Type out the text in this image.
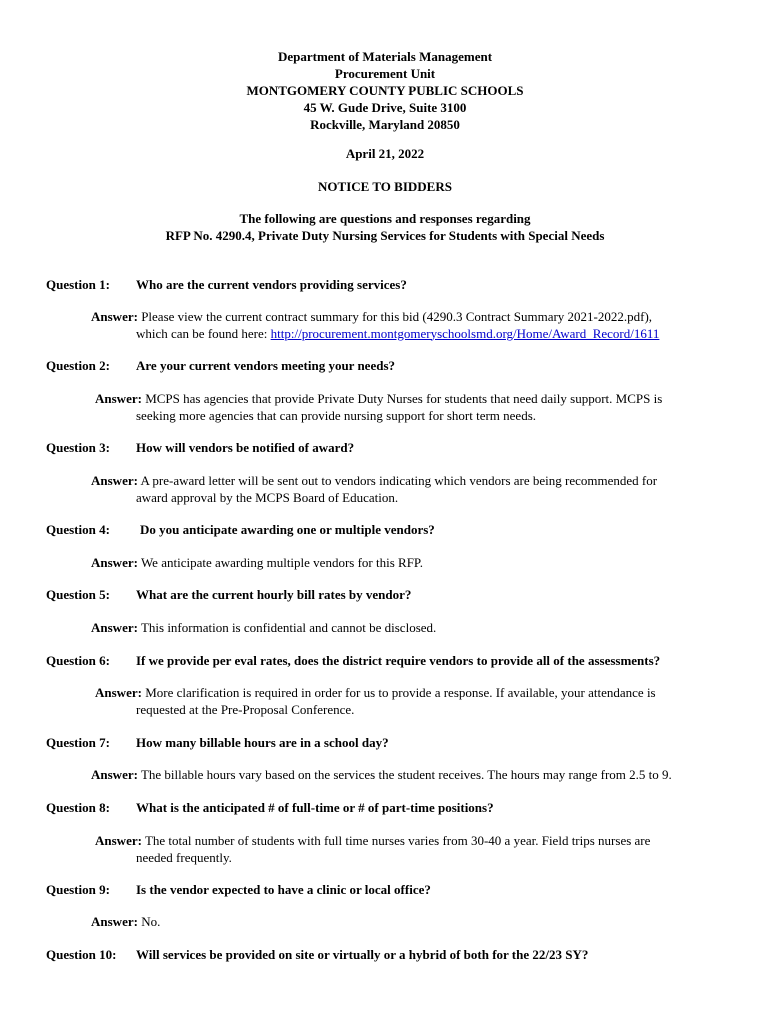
Department of Materials Management
Procurement Unit
MONTGOMERY COUNTY PUBLIC SCHOOLS
45 W. Gude Drive, Suite 3100
Rockville, Maryland 20850
April 21, 2022
NOTICE TO BIDDERS
The following are questions and responses regarding
RFP No. 4290.4, Private Duty Nursing Services for Students with Special Needs
Question 1: Who are the current vendors providing services?
Answer: Please view the current contract summary for this bid (4290.3 Contract Summary 2021-2022.pdf),
which can be found here: http://procurement.montgomeryschoolsmd.org/Home/Award_Record/1611
Question 2: Are your current vendors meeting your needs?
Answer: MCPS has agencies that provide Private Duty Nurses for students that need daily support. MCPS is
seeking more agencies that can provide nursing support for short term needs.
Question 3: How will vendors be notified of award?
Answer: A pre-award letter will be sent out to vendors indicating which vendors are being recommended for
award approval by the MCPS Board of Education.
Question 4: Do you anticipate awarding one or multiple vendors?
Answer: We anticipate awarding multiple vendors for this RFP.
Question 5: What are the current hourly bill rates by vendor?
Answer: This information is confidential and cannot be disclosed.
Question 6: If we provide per eval rates, does the district require vendors to provide all of the assessments?
Answer: More clarification is required in order for us to provide a response. If available, your attendance is
requested at the Pre-Proposal Conference.
Question 7: How many billable hours are in a school day?
Answer: The billable hours vary based on the services the student receives. The hours may range from 2.5 to 9.
Question 8: What is the anticipated # of full-time or # of part-time positions?
Answer: The total number of students with full time nurses varies from 30-40 a year. Field trips nurses are
needed frequently.
Question 9: Is the vendor expected to have a clinic or local office?
Answer: No.
Question 10: Will services be provided on site or virtually or a hybrid of both for the 22/23 SY?
